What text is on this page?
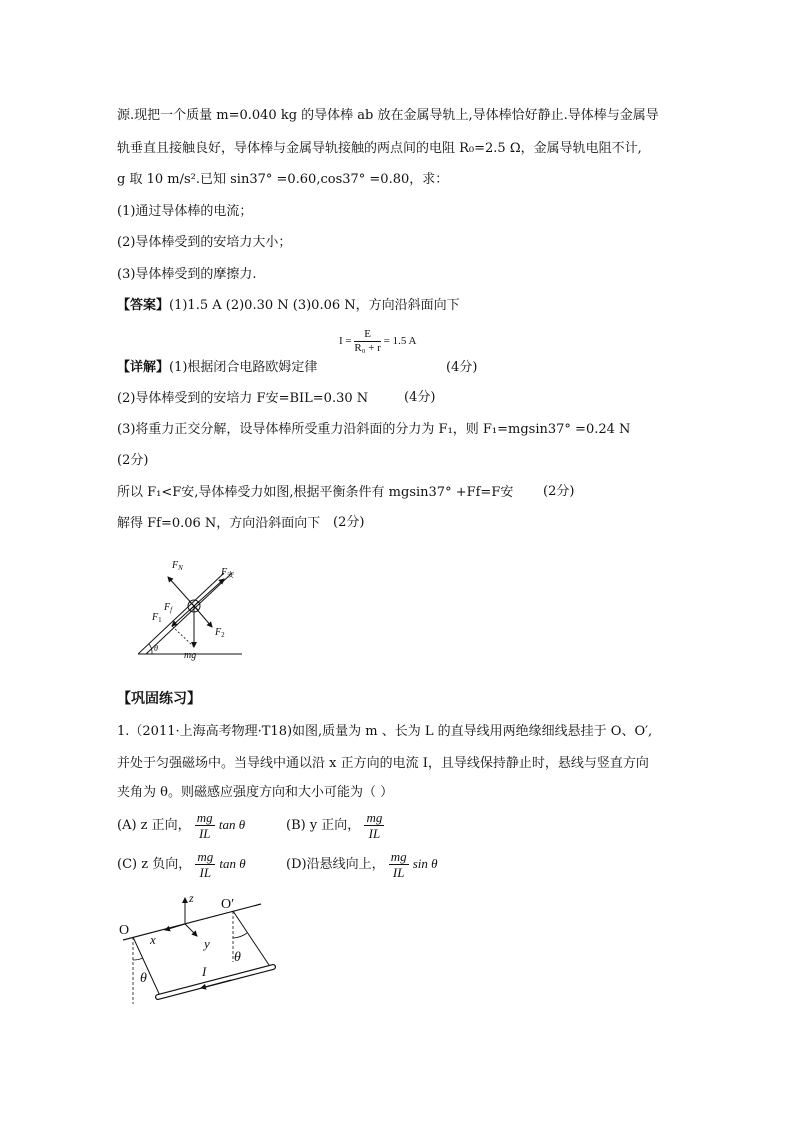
源.现把一个质量 m=0.040 kg 的导体棒 ab 放在金属导轨上,导体棒恰好静止.导体棒与金属导
轨垂直且接触良好，导体棒与金属导轨接触的两点间的电阻 R₀=2.5 Ω，金属导轨电阻不计,
g 取 10 m/s².已知 sin37° =0.60,cos37° =0.80，求：
(1)通过导体棒的电流；
(2)导体棒受到的安培力大小；
(3)导体棒受到的摩擦力.
【答案】(1)1.5 A (2)0.30 N (3)0.06 N，方向沿斜面向下
$I = \frac{E}{\text{R₀ + r}} = 1.5$ A
【详解】(1)根据闭合电路欧姆定律	(4分)
(2)导体棒受到的安培力 F安=BIL=0.30 N	(4分)
(3)将重力正交分解，设导体棒所受重力沿斜面的分力为 F₁，则 F₁=mgsin37° =0.24 N
(2分)
所以 F₁<F安,导体棒受力如图,根据平衡条件有 mgsin37° +Ff=F安 (2分)
解得 Ff=0.06 N，方向沿斜面向下 (2分)
$F_N$	$F_安$
$F_f$
$F_1$
$F_2$
mg
θ
【巩固练习】
1.（2011·上海高考物理·T18)如图,质量为 m 、长为 L 的直导线用两绝缘细线悬挂于 O、O′,
并处于匀强磁场中。当导线中通以沿 x 正方向的电流 I，且导线保持静止时，悬线与竖直方向
夹角为 θ。则磁感应强度方向和大小可能为（ ）
(A) z 正向， $\frac{mg}{IL}$ tan θ	(B) y 正向， $\frac{mg}{IL}$
(C) z 负向， $\frac{mg}{IL}$ tan θ	(D)沿悬线向上， $\frac{mg}{IL}$ sin θ
O
O′
z
x	y
I
θ
θ
